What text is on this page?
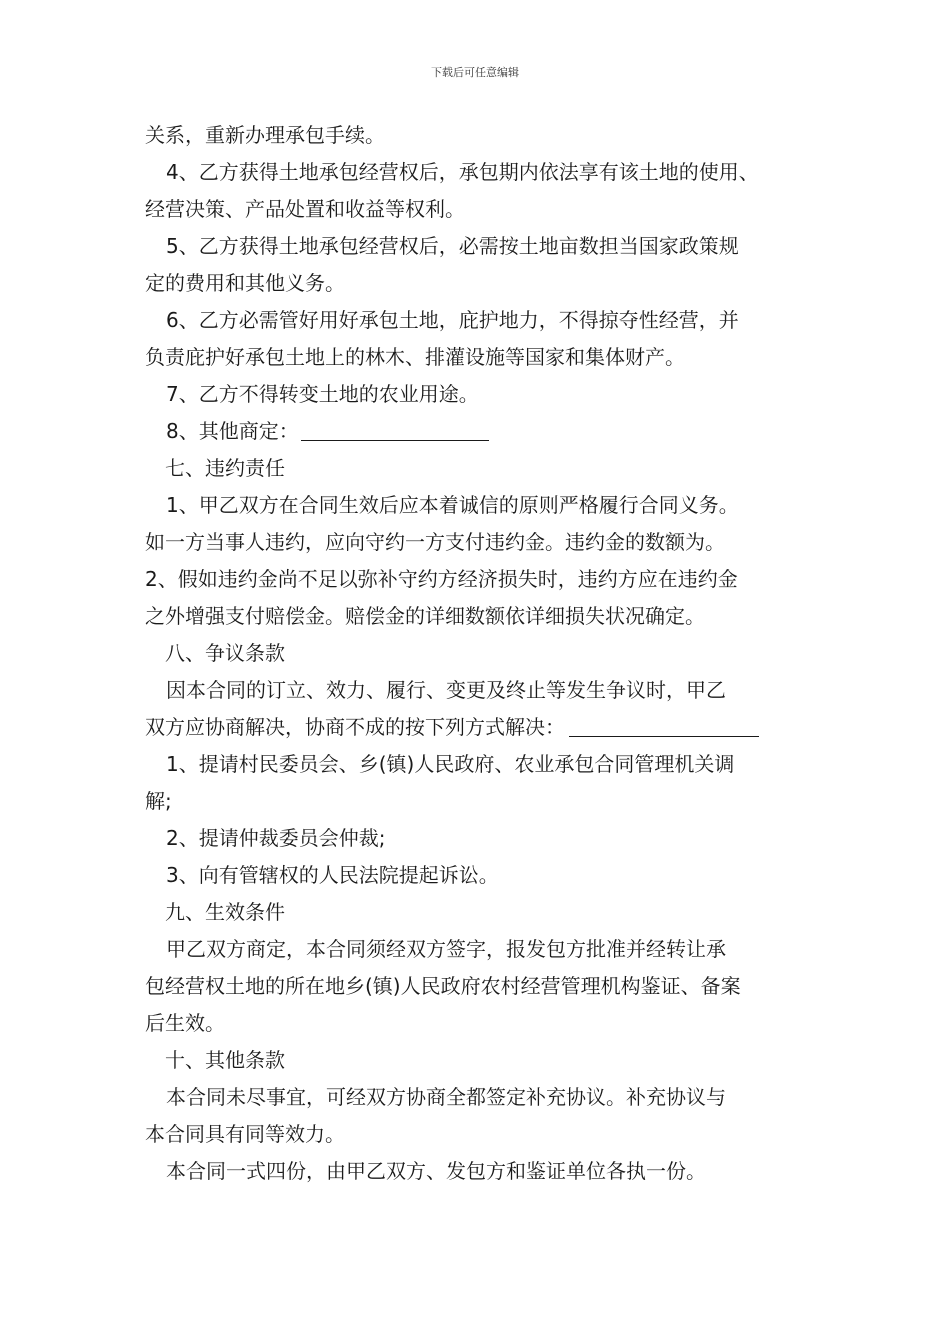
下载后可任意编辑
关系，重新办理承包手续。
4、乙方获得土地承包经营权后，承包期内依法享有该土地的使用、
经营决策、产品处置和收益等权利。
5、乙方获得土地承包经营权后，必需按土地亩数担当国家政策规
定的费用和其他义务。
6、乙方必需管好用好承包土地，庇护地力，不得掠夺性经营，并
负责庇护好承包土地上的林木、排灌设施等国家和集体财产。
7、乙方不得转变土地的农业用途。
8、其他商定：
七、违约责任
1、甲乙双方在合同生效后应本着诚信的原则严格履行合同义务。
如一方当事人违约，应向守约一方支付违约金。违约金的数额为。
2、假如违约金尚不足以弥补守约方经济损失时，违约方应在违约金
之外增强支付赔偿金。赔偿金的详细数额依详细损失状况确定。
八、争议条款
因本合同的订立、效力、履行、变更及终止等发生争议时，甲乙
双方应协商解决，协商不成的按下列方式解决：
1、提请村民委员会、乡(镇)人民政府、农业承包合同管理机关调
解;
2、提请仲裁委员会仲裁;
3、向有管辖权的人民法院提起诉讼。
九、生效条件
甲乙双方商定，本合同须经双方签字，报发包方批准并经转让承
包经营权土地的所在地乡(镇)人民政府农村经营管理机构鉴证、备案
后生效。
十、其他条款
本合同未尽事宜，可经双方协商全都签定补充协议。补充协议与
本合同具有同等效力。
本合同一式四份，由甲乙双方、发包方和鉴证单位各执一份。
